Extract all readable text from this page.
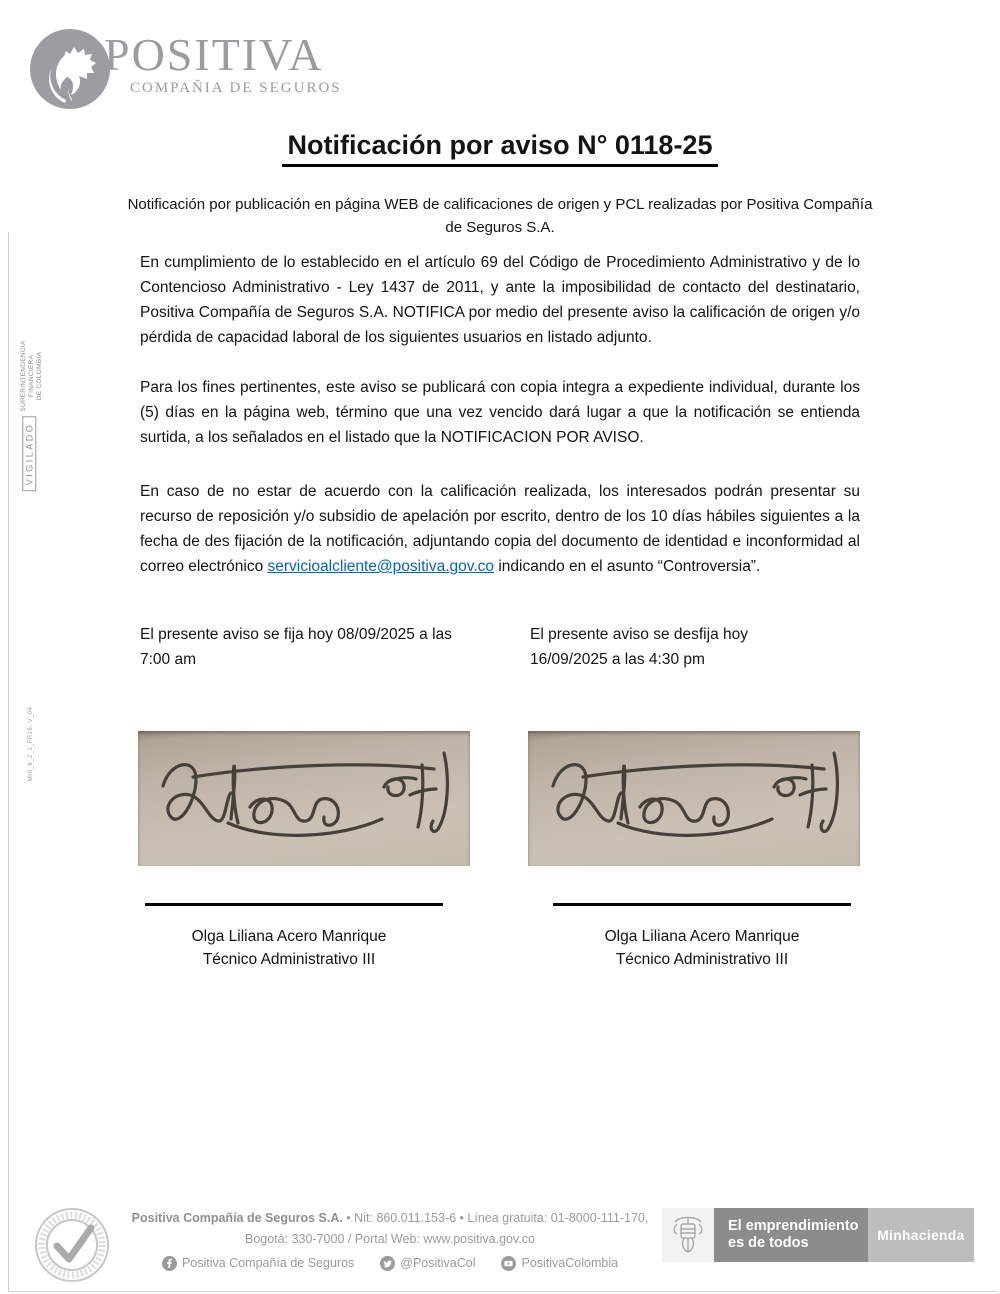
POSITIVA
COMPAÑIA DE SEGUROS
SUPERINTENDENCIA FINANCIERA DE COLOMBIA
VIGILADO
MIS_6_2_1_FR15- V_04
Notificación por aviso N° 0118-25
Notificación por publicación en página WEB de calificaciones de origen y PCL realizadas por Positiva Compañía de Seguros S.A.
En cumplimiento de lo establecido en el artículo 69 del Código de Procedimiento Administrativo y de lo Contencioso Administrativo - Ley 1437 de 2011, y ante la imposibilidad de contacto del destinatario, Positiva Compañía de Seguros S.A. NOTIFICA por medio del presente aviso la calificación de origen y/o pérdida de capacidad laboral de los siguientes usuarios en listado adjunto.
Para los fines pertinentes, este aviso se publicará con copia integra a expediente individual, durante los (5) días en la página web, término que una vez vencido dará lugar a que la notificación se entienda surtida, a los señalados en el listado que la NOTIFICACION POR AVISO.
En caso de no estar de acuerdo con la calificación realizada, los interesados podrán presentar su recurso de reposición y/o subsidio de apelación por escrito, dentro de los 10 días hábiles siguientes a la fecha de des fijación de la notificación, adjuntando copia del documento de identidad e inconformidad al correo electrónico servicioalcliente@positiva.gov.co indicando en el asunto “Controversia”.
El presente aviso se fija hoy 08/09/2025 a las 7:00 am
El presente aviso se desfija hoy 16/09/2025 a las 4:30 pm
Olga Liliana Acero Manrique
Técnico Administrativo III
Olga Liliana Acero Manrique
Técnico Administrativo III
Positiva Compañía de Seguros S.A. • Nit: 860.011.153-6 • Línea gratuita: 01-8000-111-170,
Bogotá: 330-7000 / Portal Web: www.positiva.gov.co
Positiva Compañía de Seguros	@PositivaCol	PositivaColombia
El emprendimiento
es de todos	Minhacienda
